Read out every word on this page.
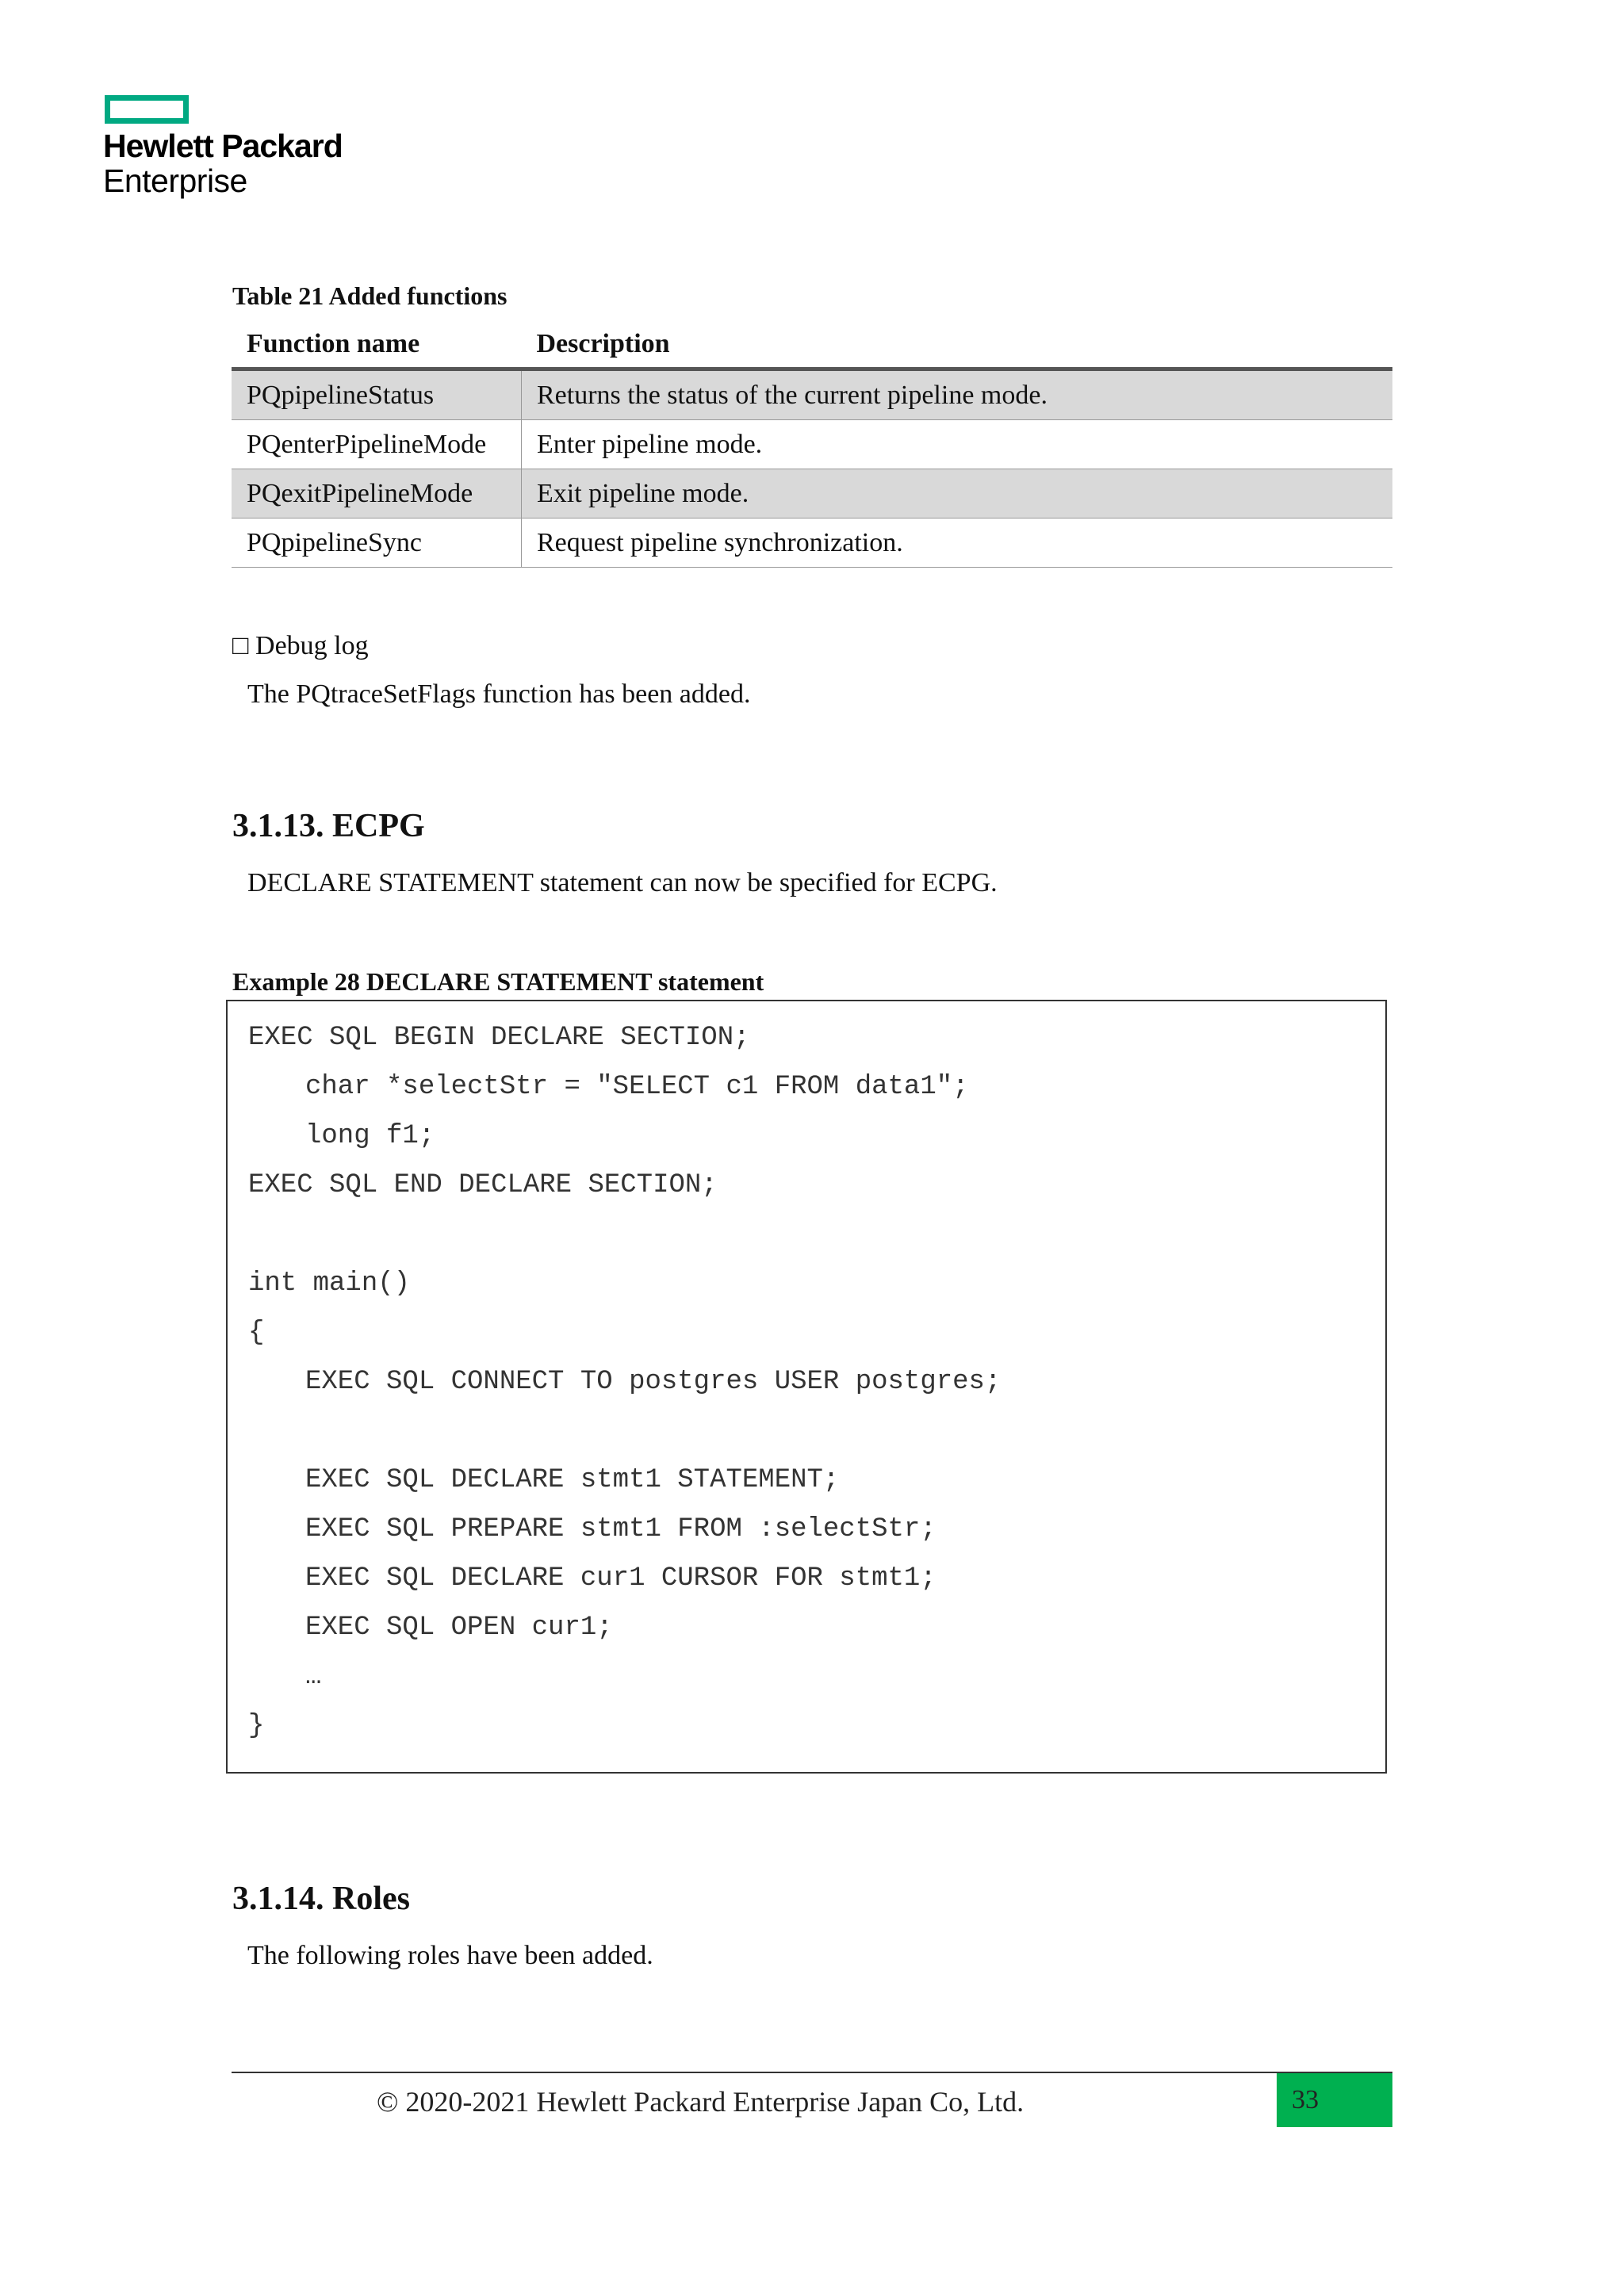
Hewlett Packard
Enterprise
Table 21 Added functions
Function name	Description
PQpipelineStatus	Returns the status of the current pipeline mode.
PQenterPipelineMode	Enter pipeline mode.
PQexitPipelineMode	Exit pipeline mode.
PQpipelineSync	Request pipeline synchronization.
□ Debug log
The PQtraceSetFlags function has been added.
3.1.13. ECPG
DECLARE STATEMENT statement can now be specified for ECPG.
Example 28 DECLARE STATEMENT statement
EXEC SQL BEGIN DECLARE SECTION;
char *selectStr = "SELECT c1 FROM data1";
long f1;
EXEC SQL END DECLARE SECTION;
int main()
{
EXEC SQL CONNECT TO postgres USER postgres;
EXEC SQL DECLARE stmt1 STATEMENT;
EXEC SQL PREPARE stmt1 FROM :selectStr;
EXEC SQL DECLARE cur1 CURSOR FOR stmt1;
EXEC SQL OPEN cur1;
…
}
3.1.14. Roles
The following roles have been added.
© 2020-2021 Hewlett Packard Enterprise Japan Co, Ltd.	33
